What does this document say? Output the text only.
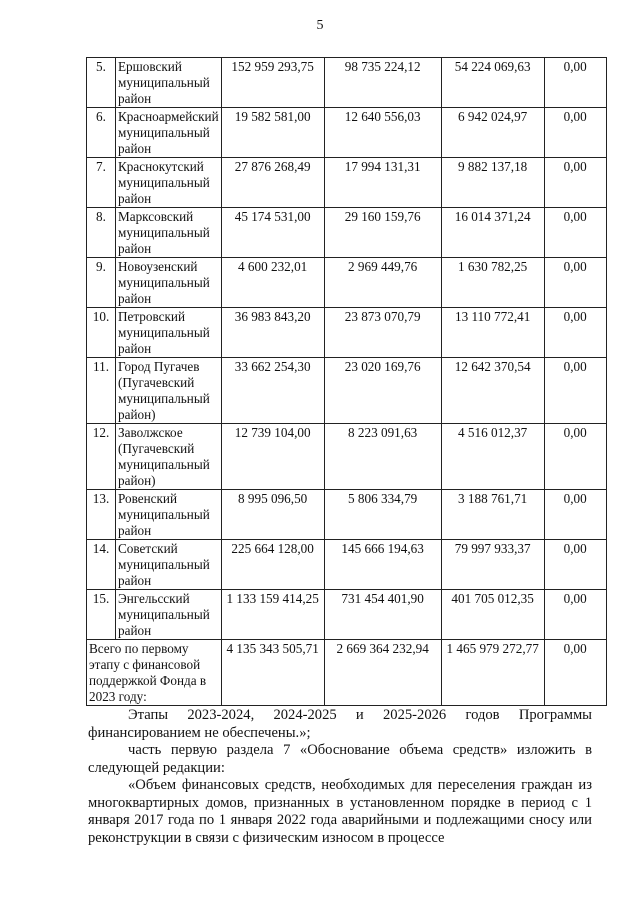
5
5.	Ершовский муниципальный район	152 959 293,75	98 735 224,12	54 224 069,63	0,00
6.	Красноармейский муниципальный район	19 582 581,00	12 640 556,03	6 942 024,97	0,00
7.	Краснокутский муниципальный район	27 876 268,49	17 994 131,31	9 882 137,18	0,00
8.	Марксовский муниципальный район	45 174 531,00	29 160 159,76	16 014 371,24	0,00
9.	Новоузенский муниципальный район	4 600 232,01	2 969 449,76	1 630 782,25	0,00
10.	Петровский муниципальный район	36 983 843,20	23 873 070,79	13 110 772,41	0,00
11.	Город Пугачев (Пугачевский муниципальный район)	33 662 254,30	23 020 169,76	12 642 370,54	0,00
12.	Заволжское (Пугачевский муниципальный район)	12 739 104,00	8 223 091,63	4 516 012,37	0,00
13.	Ровенский муниципальный район	8 995 096,50	5 806 334,79	3 188 761,71	0,00
14.	Советский муниципальный район	225 664 128,00	145 666 194,63	79 997 933,37	0,00
15.	Энгельсский муниципальный район	1 133 159 414,25	731 454 401,90	401 705 012,35	0,00
Всего по первому этапу с финансовой поддержкой Фонда в 2023 году:		4 135 343 505,71	2 669 364 232,94	1 465 979 272,77	0,00

Этапы 2023-2024, 2024-2025 и 2025-2026 годов Программы

финансированием не обеспечены.»;

часть первую раздела 7 «Обоснование объема средств» изложить в следующей редакции:

«Объем финансовых средств, необходимых для переселения граждан из многоквартирных домов, признанных в установленном порядке в период с 1 января 2017 года по 1 января 2022 года аварийными и подлежащими сносу или реконструкции в связи с физическим износом в процессе
